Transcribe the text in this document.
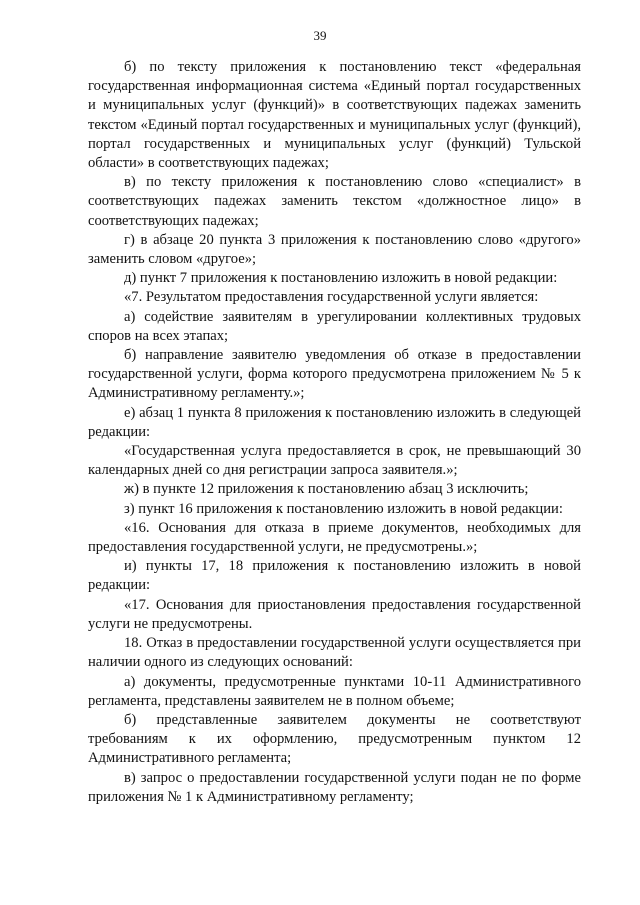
39

б) по тексту приложения к постановлению текст «федеральная государственная информационная система «Единый портал государственных и муниципальных услуг (функций)» в соответствующих падежах заменить текстом «Единый портал государственных и муниципальных услуг (функций), портал государственных и муниципальных услуг (функций) Тульской области» в соответствующих падежах;

в) по тексту приложения к постановлению слово «специалист» в соответствующих падежах заменить текстом «должностное лицо» в соответствующих падежах;

г) в абзаце 20 пункта 3 приложения к постановлению слово «другого» заменить словом «другое»;

д) пункт 7 приложения к постановлению изложить в новой редакции:

«7. Результатом предоставления государственной услуги является:

а) содействие заявителям в урегулировании коллективных трудовых споров на всех этапах;

б) направление заявителю уведомления об отказе в предоставлении государственной услуги, форма которого предусмотрена приложением № 5 к Административному регламенту.»;

е) абзац 1 пункта 8 приложения к постановлению изложить в следующей редакции:

«Государственная услуга предоставляется в срок, не превышающий 30 календарных дней со дня регистрации запроса заявителя.»;

ж) в пункте 12 приложения к постановлению абзац 3 исключить;

з) пункт 16 приложения к постановлению изложить в новой редакции:

«16. Основания для отказа в приеме документов, необходимых для предоставления государственной услуги, не предусмотрены.»;

и) пункты 17, 18 приложения к постановлению изложить в новой редакции:

«17. Основания для приостановления предоставления государственной услуги не предусмотрены.

18. Отказ в предоставлении государственной услуги осуществляется при наличии одного из следующих оснований:

а) документы, предусмотренные пунктами 10-11 Административного регламента, представлены заявителем не в полном объеме;

б) представленные заявителем документы не соответствуют требованиям к их оформлению, предусмотренным пунктом 12 Административного регламента;

в) запрос о предоставлении государственной услуги подан не по форме приложения № 1 к Административному регламенту;
